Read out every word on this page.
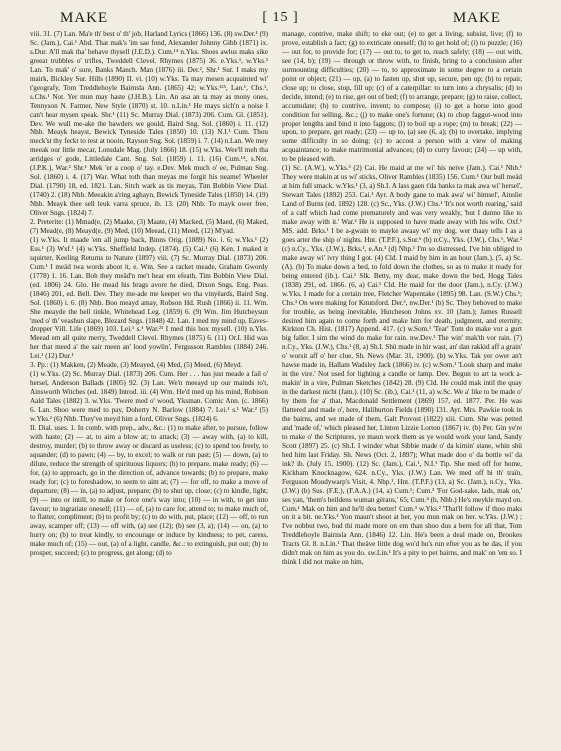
MAKE	[ 15 ]	MAKE

viii. 31. (7) Lan. Ma'e th' best o' th' job, Harland Lyrics (1866) 136. (8) sw.Der.¹ (9) Sc. (Jam.), Cai.¹ Abd. That mak's 'im sae fond, Alexander Johnny Gibb (1871) ix. s.Dur. A'll mak tha' behave thysell (J.E.D.). Cum.¹⁴ n.Yks. Shoes awlus maks sike greeat trubbles o' trifles, Tweddell Clevel. Rhymes (1875) 36. e.Yks.¹, w.Yks.² Lan. To mak' o' sure, Banks Manch. Man (1876) iii. Der.², Shr.¹ Sur. I maks my mairk, Bickley Sur. Hills (1890) II. vi. (10) w.Yks. Ta may mesen acquainted wi' t'geografy, Tom Treddlehoyle Bairnsla Ann. (1865) 42; w.Yks.¹²⁵, Lan.¹, Chs.¹, s.Chs.¹ Not. Yer mun may haste (J.H.B.). Lin. An asa an ta may as mony ones, Tennyson N. Farmer, New Style (1870) st. 10. n.Lin.¹ He mays sich'n a noise I can't hear mysen speak. Shr.¹ (11) Sc. Murray Dial. (1873) 206. Cum. Gl. (1851). Dev. We wull me-ake the bawders we gould, Baird Sng. Sol. (1860) i. 11. (12) Nhb. Meayk heayst, Bewick Tyneside Tales (1850) 10. (13) N.I.¹ Cum. Thou meck'st thy feckt to rest at nooin, Rayson Sng. Sol. (1859) i. 7. (14) n.Lan. We mey meeak our little mecar, Lonsdale Mag. (July 1866) 18. (15) w.Yks. Wee'll meh tha arridges o' gode, Littledale Cant. Sng. Sol. (1859) i. 11. (16) Cum.¹⁴, s.Not. (J.P.K.), War.² Shr.¹ Mek 'er a coop o' tay. e.Dev. Mek much o' ee, Pulman Sng. Sol. (1860) i. 4. (17) War. What toth than meyas me forgit his neame! Wheeler Dial. (1790) 18, ed. 1821. Lan. Sitch wark as tis meyas, Tim Bobbin View Dial. (1740) 2. (18) Nhb. Meeakin a'ring aghayn, Bewick Tyneside Tales (1850) 14. (19) Nhb. Meayk thee sell leuk varra spruce, ib. 13. (20) Nhb. To mayk ower free, Oliver Sngs. (1824) 7.

2. Preterite: (1) Mmad(e, (2) Maake, (3) Maate, (4) Macked, (5) Maed, (6) Maked, (7) Mead(e, (8) Meayd(e, (9) Med, (10) Meead, (11) Meed, (12) M'yad.

(1) w.Yks. It maade 'em all jump back, Binns Orig. (1889) No. i. 6; w.Yks.¹ (2) Ess.¹ (3) Wxf.¹ (4) w.Yks. Sheffield Indep. (1874). (5) Cai.¹ (6) Ken. I maked it squirter, Keeling Returns to Nature (1897) viii. (7) Sc. Murray Dial. (1873) 206. Cum.¹ I meäd twa words aboot it, e. Wm. See a racket meade, Graham Gwordy (1778) 1. 16. Lan. Boh they meäd'n me't hear em efeath, Tim Bobbin View Dial. (ed. 1806) 24. Glo. He mead his brags avore he died, Dixon Sngs. Eng. Peas. (1846) 201, ed. Bell. Dev. They me-ade me keeper wo tha vinyëards, Baird Sng. Sol. (1860) i. 6. (8) Nhb. Boo meayd amay, Robson Hd. Rush (1866) ii. 11. Wm. She meayde the bell tinkle, Whitehead Leg. (1859) 6. (9) Wm. Jim Hutcheysun 'med o' th' veashun slape, Blezard Sngs. (1848) 42. Lan. I med my mind up, Eaves-dropper Vill. Life (1869) 103. Lei.¹ s.¹ War.²³ I med this box mysell. (10) n.Yks. Meead em all quite merry, Tweddell Clevel. Rhymes (1875) 6. (11) Or.I. Hid was her that meed a' the sair meen an' lood yowlin', Fergusson Rambles (1884) 246. Lei.¹ (12) Dur.¹

3. Pp.: (1) Makken, (2) Meade, (3) Meayed, (4) Med, (5) Meed, (6) Meyd.

(1) w.Yks. (2) Sc. Murray Dial. (1873) 206. Cum. Her . . . has just meade a fail o' hersel, Anderson Ballads (1805) 92. (3) Lan. We'n meeayd up our mainds to't, Ainsworth Witches (ed. 1849) Introd. iii. (4) Wm. He'd med up his mind, Robison Aald Tales (1882) 3. w.Yks. 'Twere med o' wood, Yksman. Comic Ann. (c. 1866) 6. Lan. Shoo were med to pay, Doherty N. Barlow (1884) 7. Lei.¹ s.¹ War.² (5) w.Yks.² (6) Nhb. They've meyd him a ford, Oliver Sngs. (1824) 6.

II. Dial. uses. 1. In comb. with prep., adv., &c.: (1) to make after, to pursue, follow with haste; (2) — at, to aim a blow at; to attack; (3) — away with, (a) to kill, destroy, murder; (b) to throw away or discard as useless; (c) to spend too freely, to squander; (d) to pawn; (4) — by, to excel; to walk or run past; (5) — down, (a) to dilute, reduce the strength of spirituous liquors; (b) to prepare, make ready; (6) — for, (a) to approach, go in the direction of, advance towards; (b) to prepare, make ready for; (c) to foreshadow, to seem to aim at; (7) — for off, to make a move of departure; (8) — in, (a) to adjust, prepare; (b) to shut up, close; (c) to kindle, light; (9) — into or intill, to make or force one's way into; (10) — in with, to get into favour; to ingratiate oneself; (11) — of, (a) to care for, attend to; to make much of, to flatter, compliment; (b) to profit by; (c) to do with, put, place; (12) — off, to run away, scamper off; (13) — off with, (a) see (12); (b) see (3, a); (14) — on, (a) to hurry on; (b) to treat kindly, to encourage or induce by kindness; to pet, caress, make much of; (15) — out, (a) of a light, candle, &c.: to extinguish, put out; (b) to prosper, succeed; (c) to progress, get along; (d) to

manage, contrive, make shift; to eke out; (e) to get a living, subsist, live; (f) to prove, establish a fact; (g) to extricate oneself; (h) to get hold of; (i) to puzzle; (16) — out for, to provide for; (17) — out to, to get to, reach safely; (18) — out with, see (14, b); (19) — through or throw with, to finish, bring to a conclusion after surmounting difficulties; (20) — to, to approximate in some degree to a certain point or object; (21) — up, (a) to fasten up, shut up, secure, pen up; (b) to repair, close up; to close, stop, fill up; (c) of a caterpillar: to turn into a chrysalis; (d) to decide, intend; (e) to rise, get out of bed; (f) to arrange, prepare; (g) to raise, collect, accumulate; (h) to contrive, invent; to compose; (i) to get a horse into good condition for selling, &c.; (j) to make one's fortune; (k) to chop faggot-wood into proper lengths and bind it into faggots; (l) to boil up a rope; (m) to break; (22) — upon, to prepare, get ready; (23) — up to, (a) see (6, a); (b) to overtake, implying some difficulty in so doing; (c) to accost a person with a view of making acquaintance; to make matrimonial advances; (d) to curry favour; (24) — up with, to be pleased with.

(1) Sc. (A.W.), w.Yks.³ (2) Cai. He maid at me wi' his neive (Jam.). Cai.¹ Nhb.¹ They were makin at us wi' sticks, Oliver Rambles (1835) 156. Cum.¹ Our bull meäd at him full smack. w.Yks.¹ (3, a) Sh.I. A lass gaen t'da banks ta mak awa wi' hersel', Stewart Tales (1892) 253. Cai.¹ Ayr. A body gane to mak awa' wi' himsel', Ainslie Land of Burns (ed. 1892) 128. (c) Sc., Yks. (J.W.) Chs.¹ 'It's not worth rearing,' said of a calf which had come prematurely and was very weakly, 'but I dunno like to make away with it.' War.² He is supposed to have made away with his wife. Oxf.¹ MS. add. Brks.¹ I be a-gwain to mayke awaay wi' my dog, wer thaay tells I as a goes arter the ship o' nights. Hnt. (T.P.F.), s.Sur.⁶ (b) n.Cy., Yks. (J.W.), Chs.¹, War.² (c) n.Cy., Yks. (J.W.), Brks.¹, e.An.³ (d) Nhp.¹ I'm so distressed, I've bin obliged to make away wi' ivry thing I got. (4) Cld. I maid by him in an hour (Jam.). (5, a) Sc. (A). (b) To make down a bed, to fold down the clothes, so as to make it ready for being entered (ib.). Cai.¹ Slk. Betty, my dear, make down the bed, Hogg Tales (1838) 291, ed. 1866. (6, a) Cai.¹ Cld. He maid for the door (Jam.), n.Cy. (J.W.) w.Yks. I made for a certain tree, Fletcher Wapentake (1895) 98. Lan. (S.W.) Chs.¹; Chs.³ On were making for Knutsford. Der.², nw.Der.¹ (b) Sc. They behoved to make for trouble, as being inevitable, Hutcheson Johns xv. 10 (Jam.); James Russell desired him again to come forth and make him for death, judgment, and eternity, Kirkton Ch. Hist. (1817) Append. 417. (c) w.Som.¹ 'Tear' Tom do make vor a gurt big faller. I sim the wind do make for rain. nw.Dev.¹ The win' mak'th vor rain. (7) n.Cy., Yks. (J.W.), Chs.¹ (8, a) Sh.I. Shü made in hir wast, an' dan rakkid aff a grain' o' worsit aff o' her clue, Sh. News (Mar. 31, 1900). (b) w.Yks. Tak yer ower an't hawse made in, Hallam Wadsley Jack (1866) iv. (c) w.Som.¹ 'Look sharp and make in the vire.' Not used for lighting a candle or lamp. Dev. Begun to art ta work a-makin' in a vire, Pulman Sketches (1842) 28. (9) Cld. He could mak intil the quay in the darkest nicht (Jam.). (10) Sc. (ib.), Cai.¹ (11, a) w.Sc. We a' like to be made o' by them for a' that, Macdonald Settlement (1869) 157, ed. 1877. Per. He was flattered and made o', here, Haliburton Fields (1890) 131. Ayr. Mrs. Pawkie took in the bairns, and we made of them, Galt Provost (1822) xiii. Cum. She was petted and 'made of,' which pleased her, Linton Lizzie Lorton (1867) iv. (b) Per. Gin ye're to make o' the Scriptures, ye maun work them as ye would work your land, Sandy Scott (1897) 25. (c) Sh.I. I winder what Sibbie made o' da kirnin' stane, whin shü hed him last Friday. Sh. News (Oct. 2, 1897); What made doo o' da bottle wi' da ink? ib. (July 15, 1900). (12) Sc. (Jam.), Cai.¹, N.I.¹ Tip. She med off for home, Kickham Knocknagow, 624. n.Cy., Yks. (J.W.) Lan. We med off bi th' traïn, Ferguson Moudywarp's Visit, 4. Nhp.¹, Hnt. (T.P.F.) (13, a) Sc. (Jam.), n.Cy., Yks. (J.W.) (b) Sus. (F.E.), (F.A.A.) (14, a) Cum.¹; Cum.³ 'For God-sake, lads, mak on,' ses yan, 'them's heildens wuman gërans,' 65; Cum.⁴ (b, Nhb.) He's meykle mayd on. Cum.¹ Mak on him and he'll dea better! Cum.³ w.Yks.² 'That'll follow if thoo maks on it a bit. ne.Yks.¹ Yon maun't shoot at her, you mun mak on her. w.Yks. (J.W.) ; I've nobbut two, bud thi made more on em than shoo dus a bern for all that, Tom Treddlehoyle Bairnsla Ann. (1846) 12. Lin. He's been a deal made on, Brookes Tracts Gl. 8. n.Lin.¹ That theäve little dog wo'd hu's run efter you as he das, if you didn't mak on him as you do. sw.Lin.¹ It's a pity to pet bairns, and mak' on 'em so. I think I did not make on him,
